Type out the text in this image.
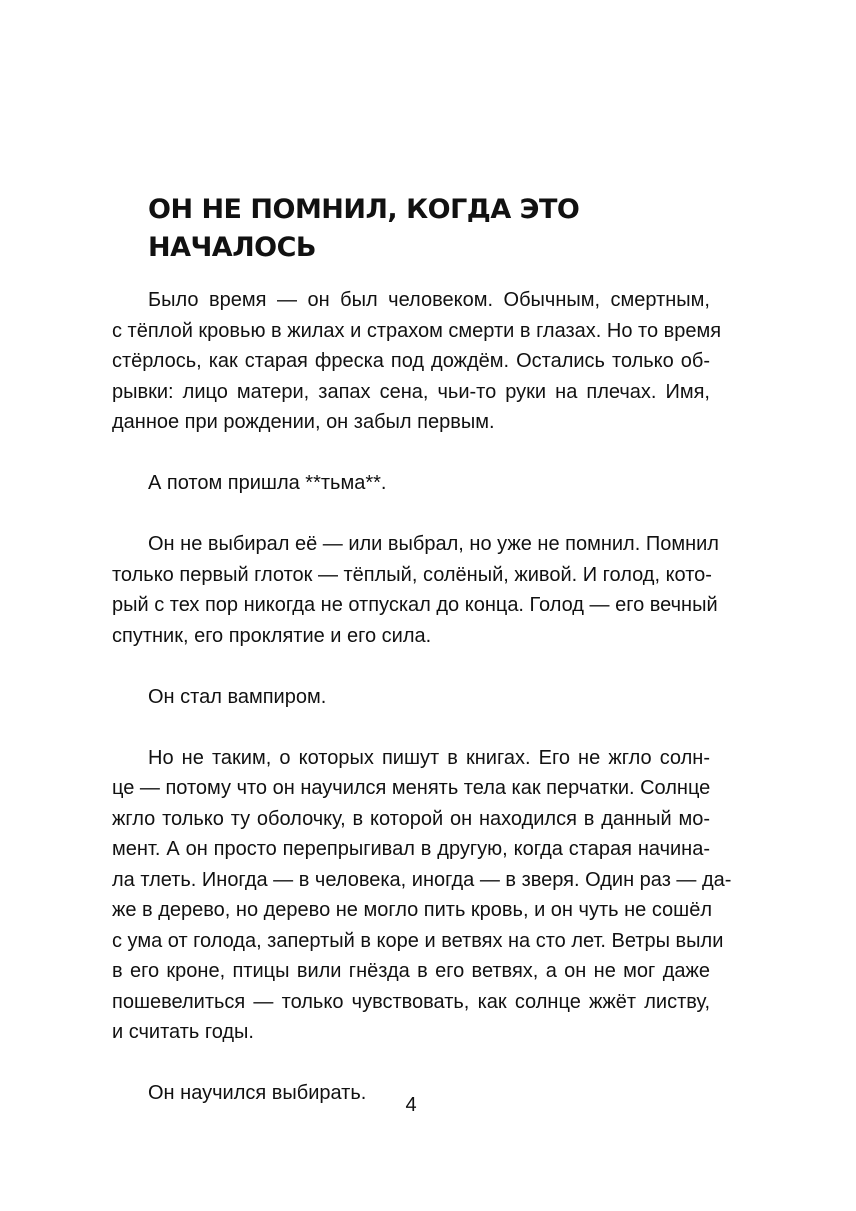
ОН НЕ ПОМНИЛ, КОГДА ЭТО
НАЧАЛОСЬ
Было время — он был человеком. Обычным, смертным,
с тёплой кровью в жилах и страхом смерти в глазах. Но то время
стёрлось, как старая фреска под дождём. Остались только об-
рывки: лицо матери, запах сена, чьи-то руки на плечах. Имя,
данное при рождении, он забыл первым.
А потом пришла **тьма**.
Он не выбирал её — или выбрал, но уже не помнил. Помнил
только первый глоток — тёплый, солёный, живой. И голод, кото-
рый с тех пор никогда не отпускал до конца. Голод — его вечный
спутник, его проклятие и его сила.
Он стал вампиром.
Но не таким, о которых пишут в книгах. Его не жгло солн-
це — потому что он научился менять тела как перчатки. Солнце
жгло только ту оболочку, в которой он находился в данный мо-
мент. А он просто перепрыгивал в другую, когда старая начина-
ла тлеть. Иногда — в человека, иногда — в зверя. Один раз — да-
же в дерево, но дерево не могло пить кровь, и он чуть не сошёл
с ума от голода, запертый в коре и ветвях на сто лет. Ветры выли
в его кроне, птицы вили гнёзда в его ветвях, а он не мог даже
пошевелиться — только чувствовать, как солнце жжёт листву,
и считать годы.
Он научился выбирать.
4
